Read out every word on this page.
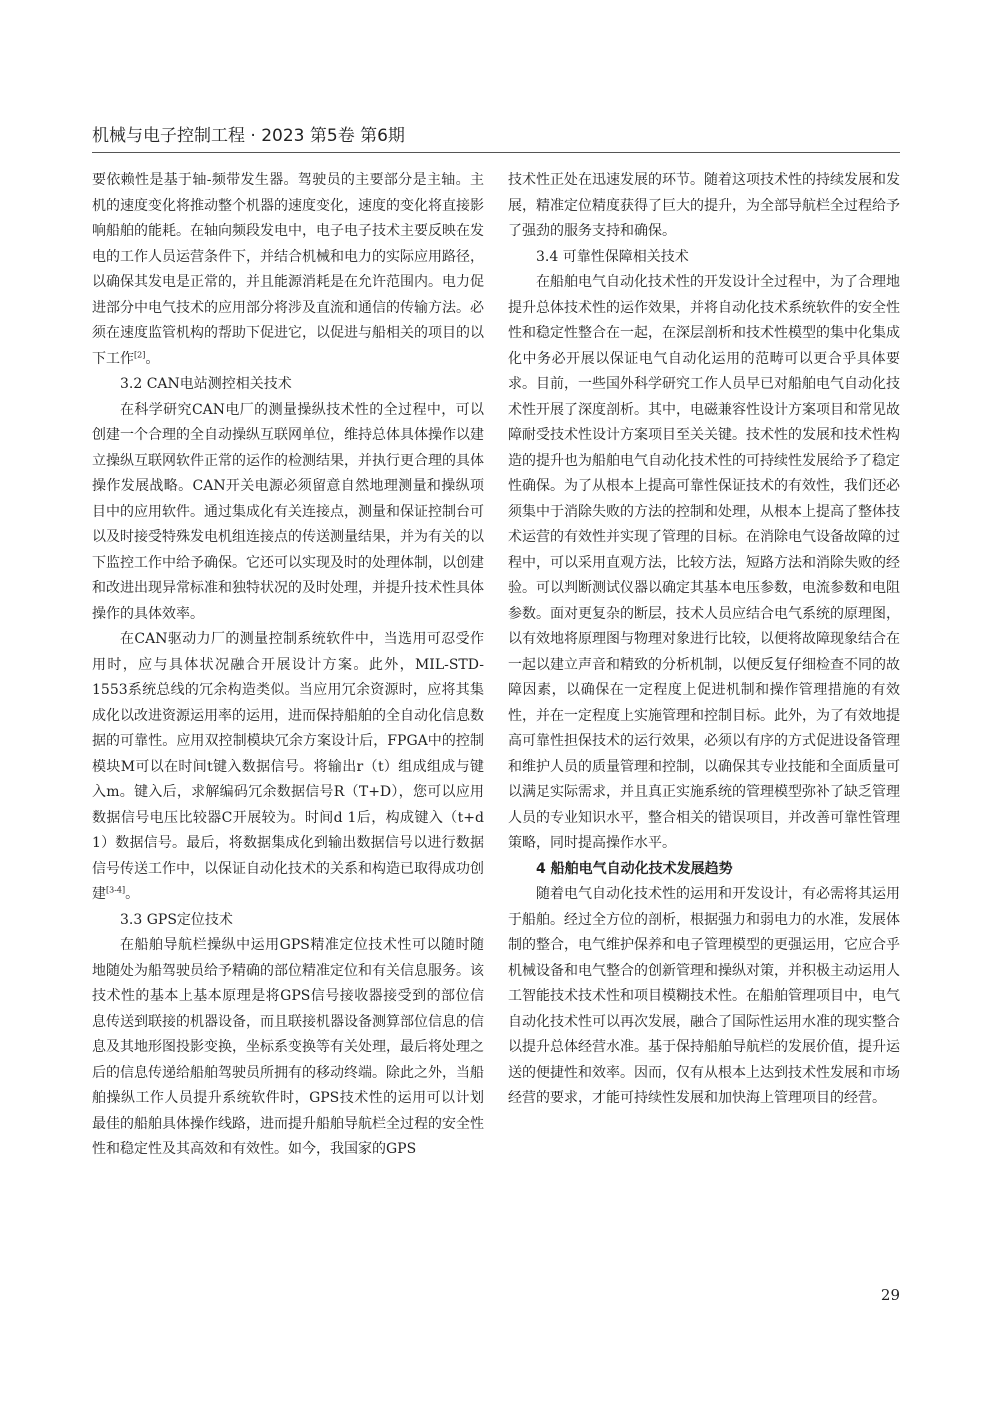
机械与电子控制工程 · 2023 第5卷 第6期

要依赖性是基于轴-频带发生器。驾驶员的主要部分是主轴。主机的速度变化将推动整个机器的速度变化，速度的变化将直接影响船舶的能耗。在轴向频段发电中，电子电子技术主要反映在发电的工作人员运营条件下，并结合机械和电力的实际应用路径，以确保其发电是正常的，并且能源消耗是在允许范围内。电力促进部分中电气技术的应用部分将涉及直流和通信的传输方法。必须在速度监管机构的帮助下促进它，以促进与船相关的项目的以下工作[2]。

3.2 CAN电站测控相关技术

在科学研究CAN电厂的测量操纵技术性的全过程中，可以创建一个合理的全自动操纵互联网单位，维持总体具体操作以建立操纵互联网软件正常的运作的检测结果，并执行更合理的具体操作发展战略。CAN开关电源必须留意自然地理测量和操纵项目中的应用软件。通过集成化有关连接点，测量和保证控制台可以及时接受特殊发电机组连接点的传送测量结果，并为有关的以下监控工作中给予确保。它还可以实现及时的处理体制，以创建和改进出现异常标准和独特状况的及时处理，并提升技术性具体操作的具体效率。

在CAN驱动力厂的测量控制系统软件中，当选用可忍受作用时，应与具体状况融合开展设计方案。此外，MIL-STD-1553系统总线的冗余构造类似。当应用冗余资源时，应将其集成化以改进资源运用率的运用，进而保持船舶的全自动化信息数据的可靠性。应用双控制模块冗余方案设计后，FPGA中的控制模块M可以在时间t键入数据信号。将输出r（t）组成组成与键入m。键入后，求解编码冗余数据信号R（T+D），您可以应用数据信号电压比较器C开展较为。时间d 1后，构成键入（t+d 1）数据信号。最后，将数据集成化到输出数据信号以进行数据信号传送工作中，以保证自动化技术的关系和构造已取得成功创建[3-4]。

3.3 GPS定位技术

在船舶导航栏操纵中运用GPS精准定位技术性可以随时随地随处为船驾驶员给予精确的部位精准定位和有关信息服务。该技术性的基本上基本原理是将GPS信号接收器接受到的部位信息传送到联接的机器设备，而且联接机器设备测算部位信息的信息及其地形图投影变换，坐标系变换等有关处理，最后将处理之后的信息传递给船舶驾驶员所拥有的移动终端。除此之外，当船舶操纵工作人员提升系统软件时，GPS技术性的运用可以计划最佳的船舶具体操作线路，进而提升船舶导航栏全过程的安全性性和稳定性及其高效和有效性。如今，我国家的GPS

技术性正处在迅速发展的环节。随着这项技术性的持续发展和发展，精准定位精度获得了巨大的提升，为全部导航栏全过程给予了强劲的服务支持和确保。

3.4 可靠性保障相关技术

在船舶电气自动化技术性的开发设计全过程中，为了合理地提升总体技术性的运作效果，并将自动化技术系统软件的安全性性和稳定性整合在一起，在深层剖析和技术性模型的集中化集成化中务必开展以保证电气自动化运用的范畴可以更合乎具体要求。目前，一些国外科学研究工作人员早已对船舶电气自动化技术性开展了深度剖析。其中，电磁兼容性设计方案项目和常见故障耐受技术性设计方案项目至关关键。技术性的发展和技术性构造的提升也为船舶电气自动化技术性的可持续性发展给予了稳定性确保。为了从根本上提高可靠性保证技术的有效性，我们还必须集中于消除失败的方法的控制和处理，从根本上提高了整体技术运营的有效性并实现了管理的目标。在消除电气设备故障的过程中，可以采用直观方法，比较方法，短路方法和消除失败的经验。可以判断测试仪器以确定其基本电压参数，电流参数和电阻参数。面对更复杂的断层，技术人员应结合电气系统的原理图，以有效地将原理图与物理对象进行比较，以便将故障现象结合在一起以建立声音和精致的分析机制，以便反复仔细检查不同的故障因素，以确保在一定程度上促进机制和操作管理措施的有效性，并在一定程度上实施管理和控制目标。此外，为了有效地提高可靠性担保技术的运行效果，必须以有序的方式促进设备管理和维护人员的质量管理和控制，以确保其专业技能和全面质量可以满足实际需求，并且真正实施系统的管理模型弥补了缺乏管理人员的专业知识水平，整合相关的错误项目，并改善可靠性管理策略，同时提高操作水平。

4 船舶电气自动化技术发展趋势

随着电气自动化技术性的运用和开发设计，有必需将其运用于船舶。经过全方位的剖析，根据强力和弱电力的水准，发展体制的整合，电气维护保养和电子管理模型的更强运用，它应合乎机械设备和电气整合的创新管理和操纵对策，并积极主动运用人工智能技术技术性和项目模糊技术性。在船舶管理项目中，电气自动化技术性可以再次发展，融合了国际性运用水准的现实整合以提升总体经营水准。基于保持船舶导航栏的发展价值，提升运送的便捷性和效率。因而，仅有从根本上达到技术性发展和市场经营的要求，才能可持续性发展和加快海上管理项目的经营。

29
